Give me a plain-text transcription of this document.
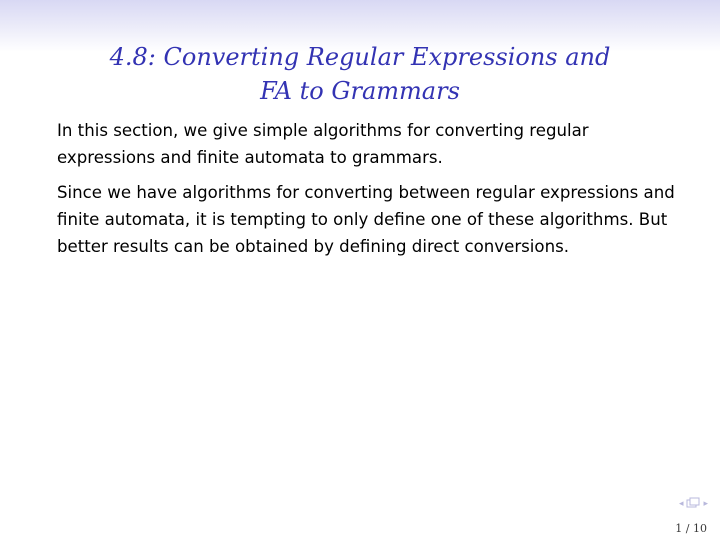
4.8: Converting Regular Expressions and
FA to Grammars

In this section, we give simple algorithms for converting regular expressions and finite automata to grammars.

Since we have algorithms for converting between regular expressions and finite automata, it is tempting to only define one of these algorithms. But better results can be obtained by defining direct conversions.

◂ ▸
1 / 10
